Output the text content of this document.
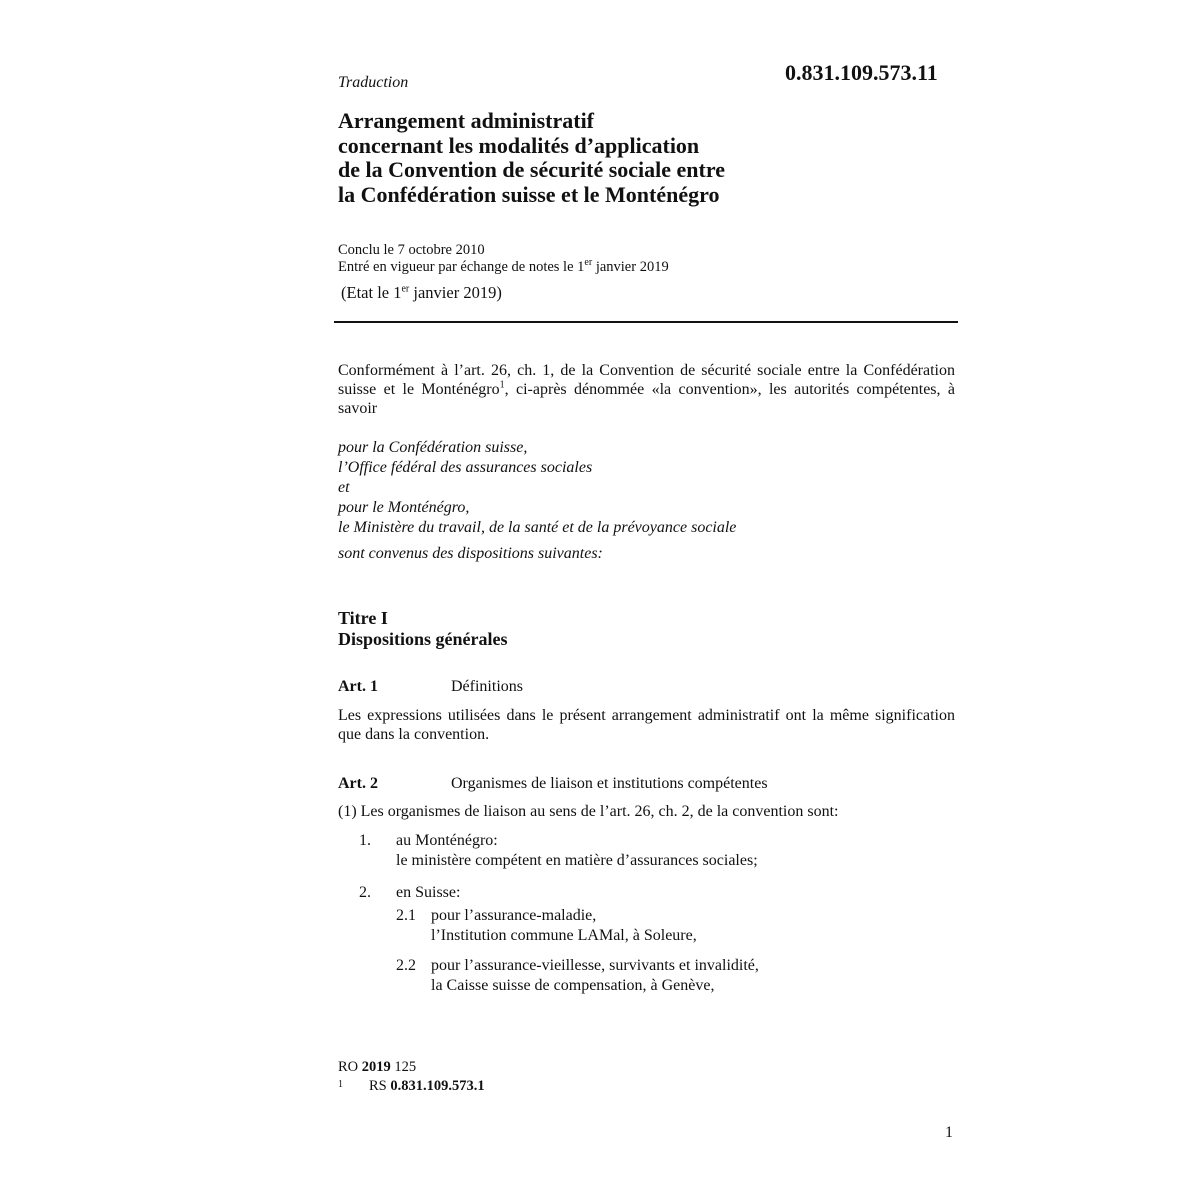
0.831.109.573.11
Traduction
Arrangement administratif
concernant les modalités d’application
de la Convention de sécurité sociale entre
la Confédération suisse et le Monténégro
Conclu le 7 octobre 2010
Entré en vigueur par échange de notes le 1er janvier 2019
(Etat le 1er janvier 2019)
Conformément à l’art. 26, ch. 1, de la Convention de sécurité sociale entre la Confédération suisse et le Monténégro$^1$, ci-après dénommée «la convention», les autorités compétentes, à savoir
pour la Confédération suisse,
l’Office fédéral des assurances sociales
et
pour le Monténégro,
le Ministère du travail, de la santé et de la prévoyance sociale
sont convenus des dispositions suivantes:
Titre I
Dispositions générales
Art. 1	Définitions
Les expressions utilisées dans le présent arrangement administratif ont la même signification que dans la convention.
Art. 2	Organismes de liaison et institutions compétentes
(1) Les organismes de liaison au sens de l’art. 26, ch. 2, de la convention sont:
1. au Monténégro:
le ministère compétent en matière d’assurances sociales;
2. en Suisse:
2.1 pour l’assurance-maladie,
l’Institution commune LAMal, à Soleure,
2.2 pour l’assurance-vieillesse, survivants et invalidité,
la Caisse suisse de compensation, à Genève,
RO 2019 125
$^1$ RS 0.831.109.573.1
1
